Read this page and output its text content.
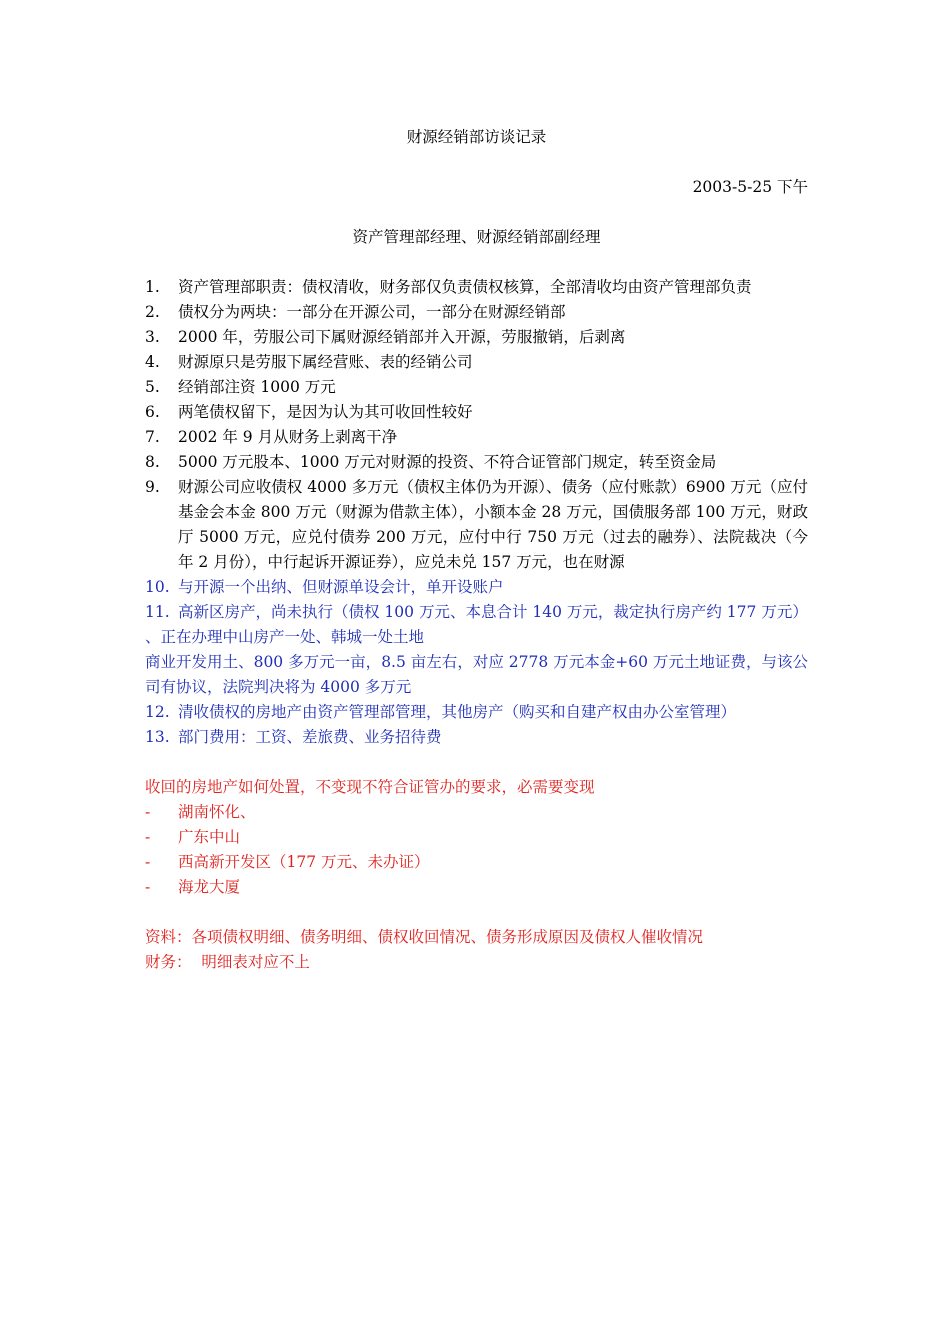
财源经销部访谈记录
2003-5-25 下午
资产管理部经理、财源经销部副经理
1. 资产管理部职责：债权清收，财务部仅负责债权核算，全部清收均由资产管理部负责
2. 债权分为两块：一部分在开源公司，一部分在财源经销部
3. 2000 年，劳服公司下属财源经销部并入开源，劳服撤销，后剥离
4. 财源原只是劳服下属经营账、表的经销公司
5. 经销部注资 1000 万元
6. 两笔债权留下，是因为认为其可收回性较好
7. 2002 年 9 月从财务上剥离干净
8. 5000 万元股本、1000 万元对财源的投资、不符合证管部门规定，转至资金局
9. 财源公司应收债权 4000 多万元（债权主体仍为开源）、债务（应付账款）6900 万元（应付基金会本金 800 万元（财源为借款主体），小额本金 28 万元，国债服务部 100 万元，财政厅 5000 万元，应兑付债券 200 万元，应付中行 750 万元（过去的融券）、法院裁决（今年 2 月份），中行起诉开源证券），应兑未兑 157 万元，也在财源
10. 与开源一个出纳、但财源单设会计，单开设账户
11. 高新区房产，尚未执行（债权 100 万元、本息合计 140 万元，裁定执行房产约 177 万元）
、正在办理中山房产一处、韩城一处土地
商业开发用土、800 多万元一亩，8.5 亩左右，对应 2778 万元本金+60 万元土地证费，与该公司有协议，法院判决将为 4000 多万元
12. 清收债权的房地产由资产管理部管理，其他房产（购买和自建产权由办公室管理）
13. 部门费用：工资、差旅费、业务招待费
收回的房地产如何处置，不变现不符合证管办的要求，必需要变现
- 湖南怀化、
- 广东中山
- 西高新开发区（177 万元、未办证）
- 海龙大厦
资料：各项债权明细、债务明细、债权收回情况、债务形成原因及债权人催收情况
财务：  明细表对应不上
